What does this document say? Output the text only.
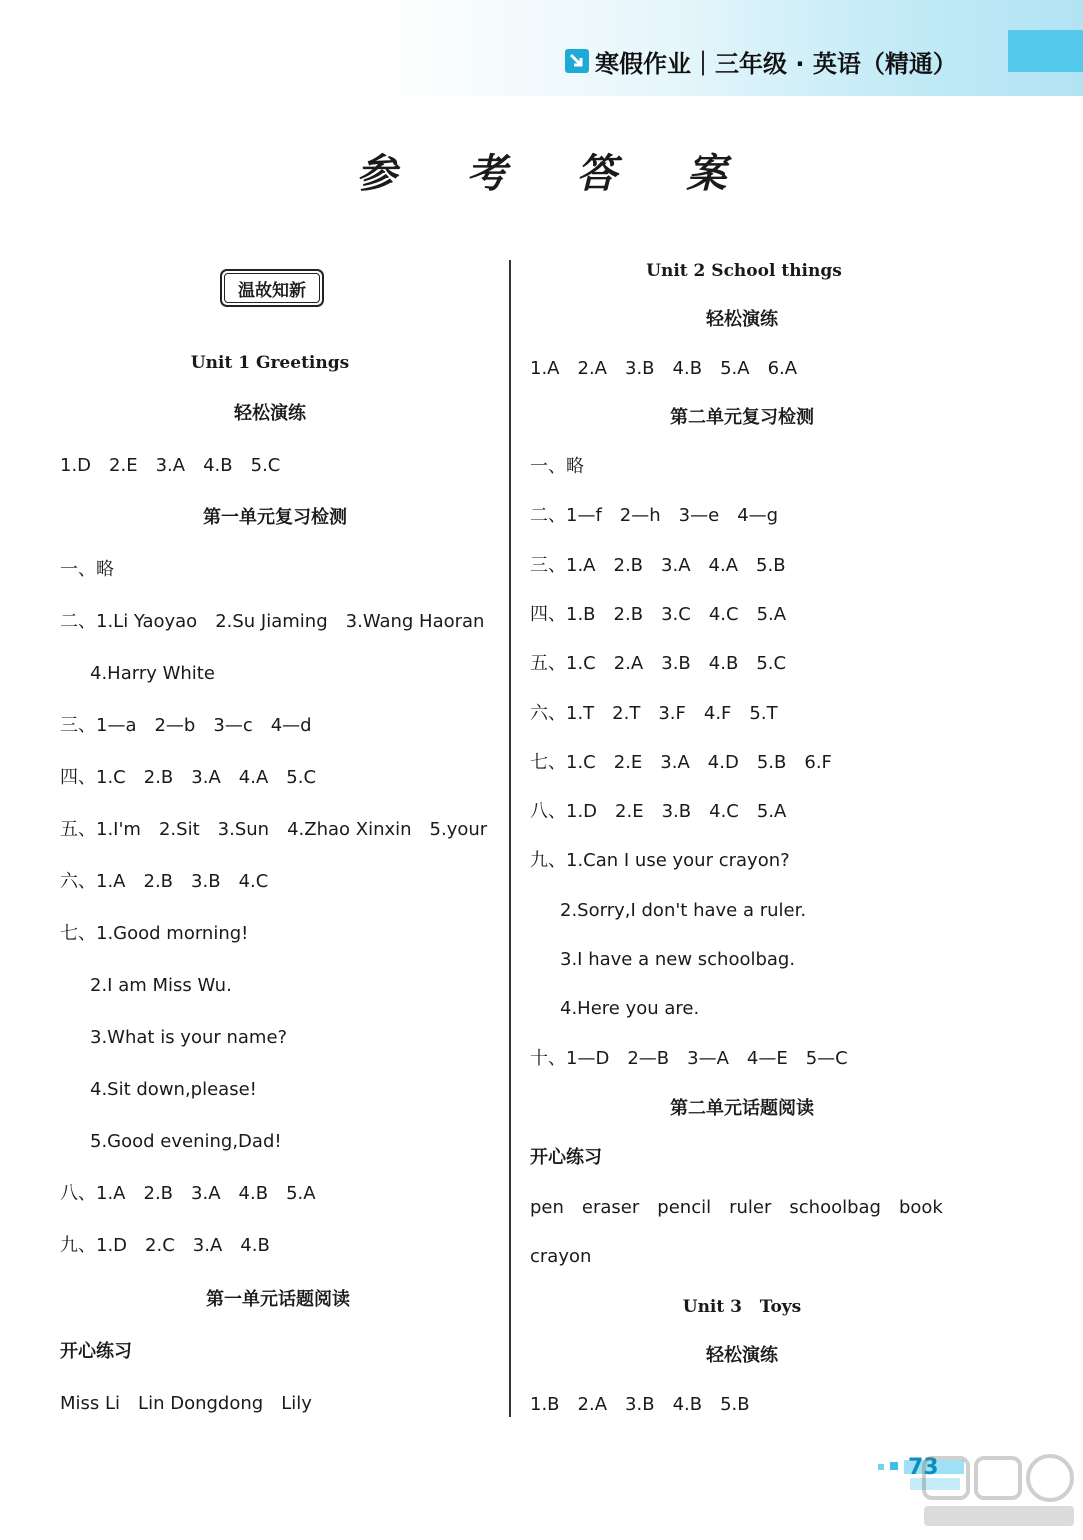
寒假作业｜三年级 · 英语（精通）
参 考 答 案
温故知新
Unit 1 Greetings
轻松演练
1.D 2.E 3.A 4.B 5.C
第一单元复习检测
一、略
二、1.Li Yaoyao 2.Su Jiaming 3.Wang Haoran
4.Harry White
三、1—a 2—b 3—c 4—d
四、1.C 2.B 3.A 4.A 5.C
五、1.I'm 2.Sit 3.Sun 4.Zhao Xinxin 5.your
六、1.A 2.B 3.B 4.C
七、1.Good morning!
2.I am Miss Wu.
3.What is your name?
4.Sit down,please!
5.Good evening,Dad!
八、1.A 2.B 3.A 4.B 5.A
九、1.D 2.C 3.A 4.B
第一单元话题阅读
开心练习
Miss Li Lin Dongdong Lily
Unit 2 School things
轻松演练
1.A 2.A 3.B 4.B 5.A 6.A
第二单元复习检测
一、略
二、1—f 2—h 3—e 4—g
三、1.A 2.B 3.A 4.A 5.B
四、1.B 2.B 3.C 4.C 5.A
五、1.C 2.A 3.B 4.B 5.C
六、1.T 2.T 3.F 4.F 5.T
七、1.C 2.E 3.A 4.D 5.B 6.F
八、1.D 2.E 3.B 4.C 5.A
九、1.Can I use your crayon?
2.Sorry,I don't have a ruler.
3.I have a new schoolbag.
4.Here you are.
十、1—D 2—B 3—A 4—E 5—C
第二单元话题阅读
开心练习
pen eraser pencil ruler schoolbag book
crayon
Unit 3   Toys
轻松演练
1.B 2.A 3.B 4.B 5.B
73
